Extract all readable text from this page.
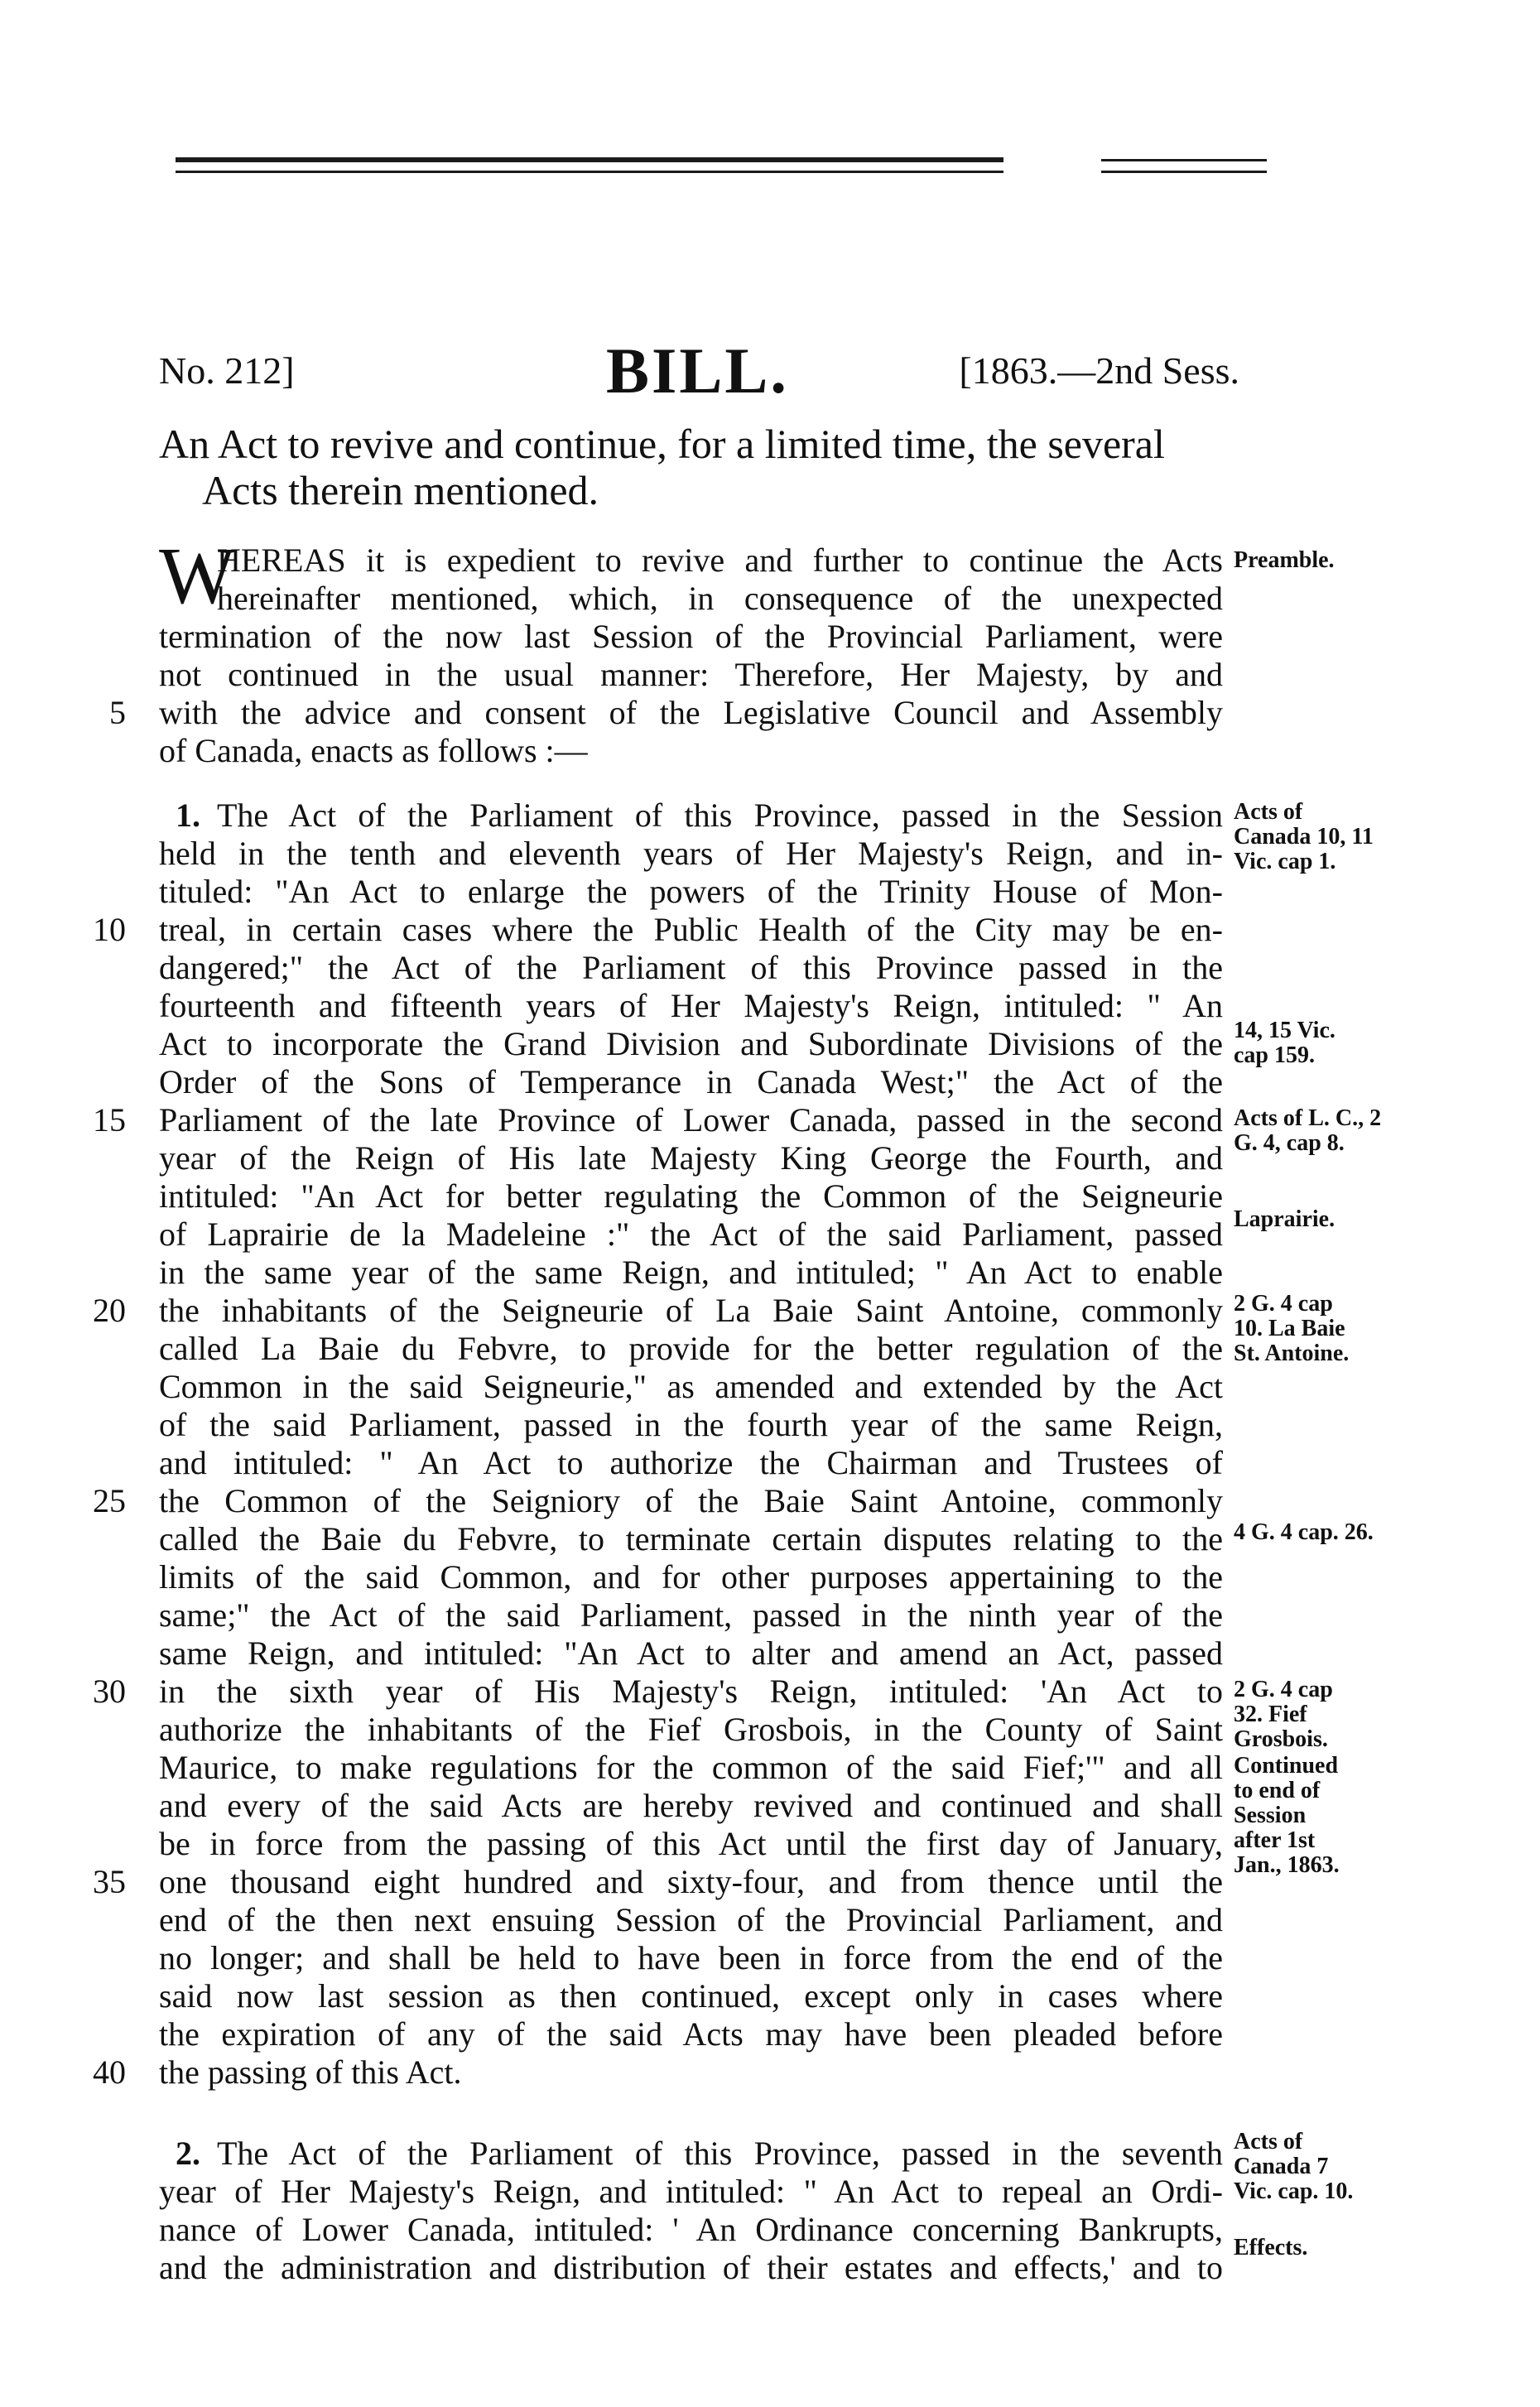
No. 212]	BILL.	[1863.—2nd Sess.
An Act to revive and continue, for a limited time, the several
Acts therein mentioned.
W
HEREAS it is expedient to revive and further to continue the Acts
hereinafter mentioned, which, in consequence of the unexpected
termination of the now last Session of the Provincial Parliament, were
not continued in the usual manner: Therefore, Her Majesty, by and
with the advice and consent of the Legislative Council and Assembly
of Canada, enacts as follows :—
1. The Act of the Parliament of this Province, passed in the Session
held in the tenth and eleventh years of Her Majesty's Reign, and in-
tituled: "An Act to enlarge the powers of the Trinity House of Mon-
treal, in certain cases where the Public Health of the City may be en-
dangered;" the Act of the Parliament of this Province passed in the
fourteenth and fifteenth years of Her Majesty's Reign, intituled: " An
Act to incorporate the Grand Division and Subordinate Divisions of the
Order of the Sons of Temperance in Canada West;" the Act of the
Parliament of the late Province of Lower Canada, passed in the second
year of the Reign of His late Majesty King George the Fourth, and
intituled: "An Act for better regulating the Common of the Seigneurie
of Laprairie de la Madeleine :" the Act of the said Parliament, passed
in the same year of the same Reign, and intituled; " An Act to enable
the inhabitants of the Seigneurie of La Baie Saint Antoine, commonly
called La Baie du Febvre, to provide for the better regulation of the
Common in the said Seigneurie," as amended and extended by the Act
of the said Parliament, passed in the fourth year of the same Reign,
and intituled: " An Act to authorize the Chairman and Trustees of
the Common of the Seigniory of the Baie Saint Antoine, commonly
called the Baie du Febvre, to terminate certain disputes relating to the
limits of the said Common, and for other purposes appertaining to the
same;" the Act of the said Parliament, passed in the ninth year of the
same Reign, and intituled: "An Act to alter and amend an Act, passed
in the sixth year of His Majesty's Reign, intituled: 'An Act to
authorize the inhabitants of the Fief Grosbois, in the County of Saint
Maurice, to make regulations for the common of the said Fief;'" and all
and every of the said Acts are hereby revived and continued and shall
be in force from the passing of this Act until the first day of January,
one thousand eight hundred and sixty-four, and from thence until the
end of the then next ensuing Session of the Provincial Parliament, and
no longer; and shall be held to have been in force from the end of the
said now last session as then continued, except only in cases where
the expiration of any of the said Acts may have been pleaded before
the passing of this Act.
2. The Act of the Parliament of this Province, passed in the seventh
year of Her Majesty's Reign, and intituled: " An Act to repeal an Ordi-
nance of Lower Canada, intituled: ' An Ordinance concerning Bankrupts,
and the administration and distribution of their estates and effects,' and to
5
10
15
20
25
30
35
40
Preamble.
Acts of Canada 10, 11 Vic. cap 1.
14, 15 Vic. cap 159.
Acts of L. C., 2 G. 4, cap 8.
Laprairie.
2 G. 4 cap 10. La Baie St. Antoine.
4 G. 4 cap. 26.
2 G. 4 cap 32. Fief Grosbois.
Continued to end of Session after 1st Jan., 1863.
Acts of Canada 7 Vic. cap. 10.
Effects.
